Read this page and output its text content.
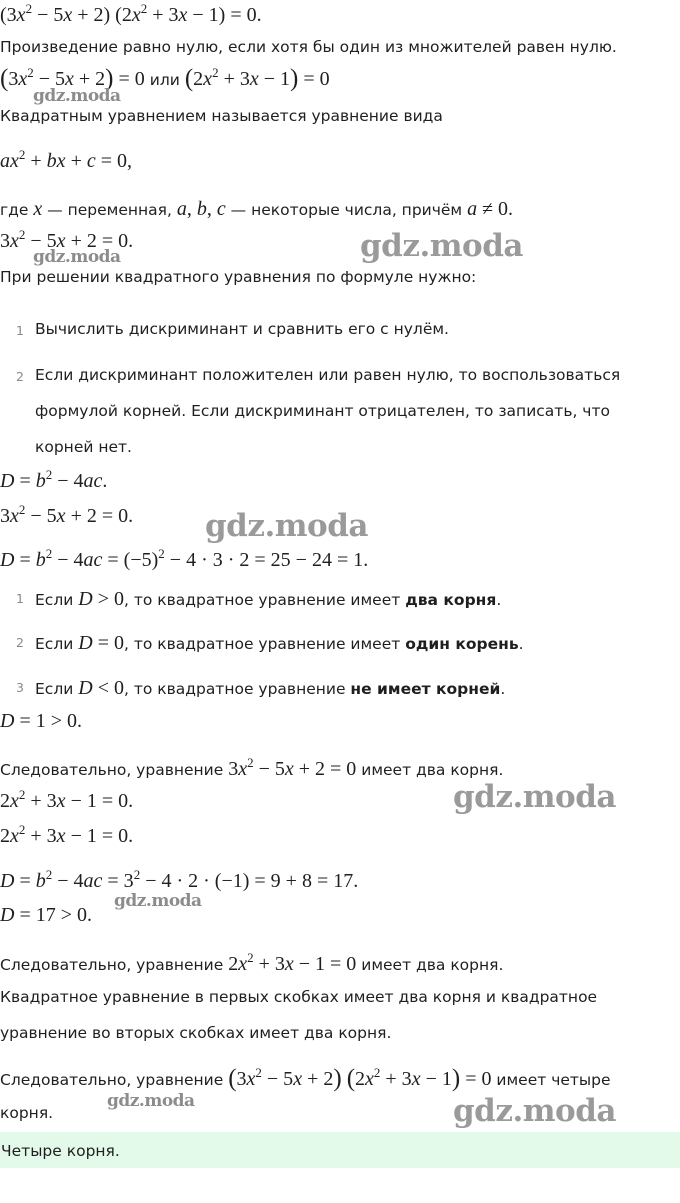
$(3x^2 - 5x + 2) (2x^2 + 3x - 1) = 0$.
Произведение равно нулю, если хотя бы один из множителей равен нулю.
$(3x^2 - 5x + 2) = 0$ или $(2x^2 + 3x - 1) = 0$
Квадратным уравнением называется уравнение вида
$ax^2$ + bx + c = 0,
где x — переменная, a, b, c — некоторые числа, причём a ≠ 0.
$3x^2 - 5x + 2 = 0$.
При решении квадратного уравнения по формуле нужно:
1 Вычислить дискриминант и сравнить его с нулём.
2 Если дискриминант положителен или равен нулю, то воспользоваться
формулой корней. Если дискриминант отрицателен, то записать, что
корней нет.
$D = b^2 - 4ac$.
$3x^2 - 5x + 2 = 0$.
$D = b^2 - 4ac = (-5)^2 - 4 \cdot 3 \cdot 2 = 25 - 24 = 1$.
1 Если D > 0, то квадратное уравнение имеет два корня.
2 Если D = 0, то квадратное уравнение имеет один корень.
3 Если D < 0, то квадратное уравнение не имеет корней.
D = 1 > 0.
Следовательно, уравнение $3x^2 - 5x + 2 = 0$ имеет два корня.
$2x^2 + 3x - 1 = 0$.
$2x^2 + 3x - 1 = 0$.
$D = b^2 - 4ac = 3^2 - 4 \cdot 2 \cdot (-1) = 9 + 8 = 17$.
D = 17 > 0.
Следовательно, уравнение $2x^2 + 3x - 1 = 0$ имеет два корня.
Квадратное уравнение в первых скобках имеет два корня и квадратное
уравнение во вторых скобках имеет два корня.
Следовательно, уравнение $(3x^2 - 5x + 2) (2x^2 + 3x - 1) = 0$ имеет четыре
корня.
Четыре корня.
gdz.moda
gdz.moda
gdz.moda
gdz.moda
gdz.moda
gdz.moda
gdz.moda	gdz.moda
